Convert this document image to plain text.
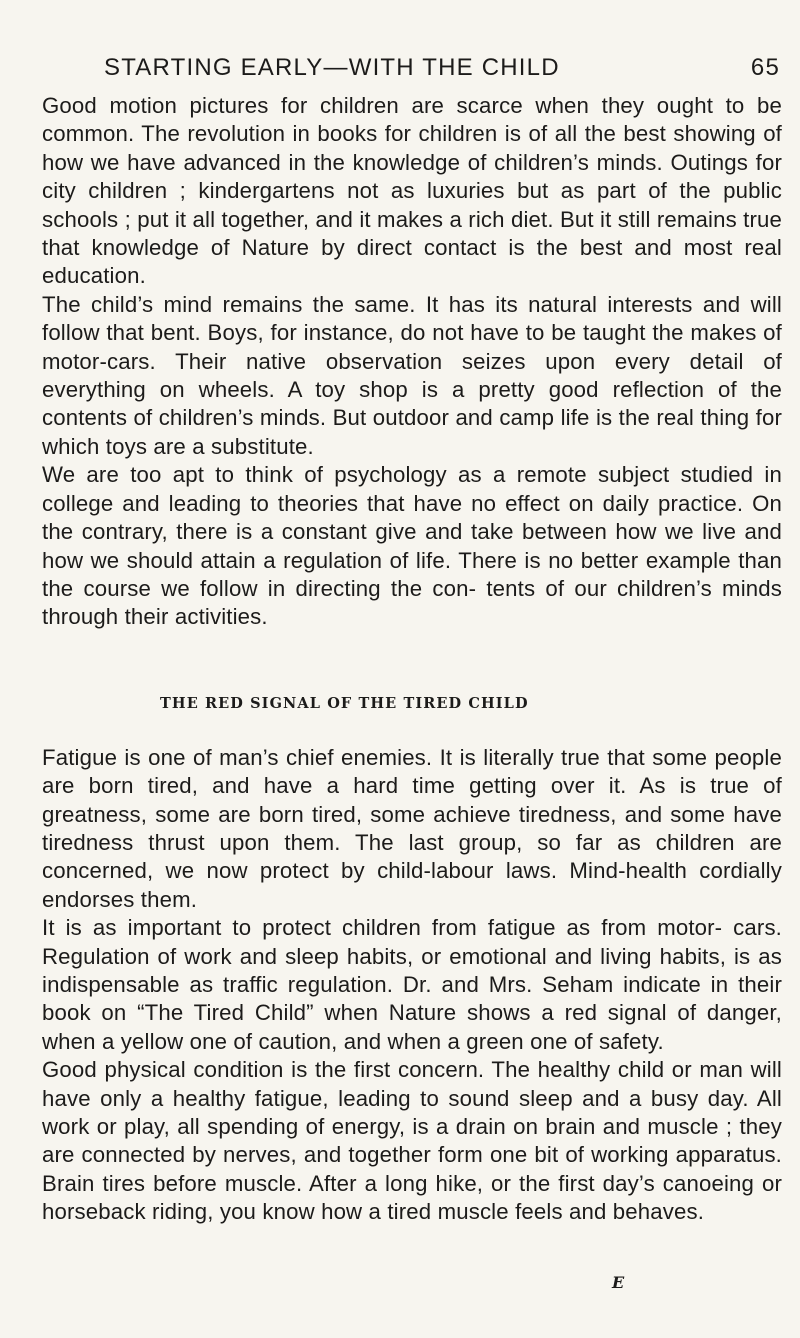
STARTING EARLY—WITH THE CHILD	65

Good motion pictures for children are scarce when they ought to be common. The revolution in books for children is of all the best showing of how we have advanced in the knowledge of children’s minds. Outings for city children ; kindergartens not as luxuries but as part of the public schools ; put it all together, and it makes a rich diet. But it still remains true that knowledge of Nature by direct contact is the best and most real education.

The child’s mind remains the same. It has its natural interests and will follow that bent. Boys, for instance, do not have to be taught the makes of motor-cars. Their native observation seizes upon every detail of everything on wheels. A toy shop is a pretty good reflection of the contents of children’s minds. But outdoor and camp life is the real thing for which toys are a substitute.

We are too apt to think of psychology as a remote subject studied in college and leading to theories that have no effect on daily practice. On the contrary, there is a constant give and take between how we live and how we should attain a regulation of life. There is no better example than the course we follow in directing the con- tents of our children’s minds through their activities.

THE RED SIGNAL OF THE TIRED CHILD

Fatigue is one of man’s chief enemies. It is literally true that some people are born tired, and have a hard time getting over it. As is true of greatness, some are born tired, some achieve tiredness, and some have tiredness thrust upon them. The last group, so far as children are concerned, we now protect by child-labour laws. Mind-health cordially endorses them.

It is as important to protect children from fatigue as from motor- cars. Regulation of work and sleep habits, or emotional and living habits, is as indispensable as traffic regulation. Dr. and Mrs. Seham indicate in their book on “The Tired Child” when Nature shows a red signal of danger, when a yellow one of caution, and when a green one of safety.

Good physical condition is the first concern. The healthy child or man will have only a healthy fatigue, leading to sound sleep and a busy day. All work or play, all spending of energy, is a drain on brain and muscle ; they are connected by nerves, and together form one bit of working apparatus. Brain tires before muscle. After a long hike, or the first day’s canoeing or horseback riding, you know how a tired muscle feels and behaves.

E
